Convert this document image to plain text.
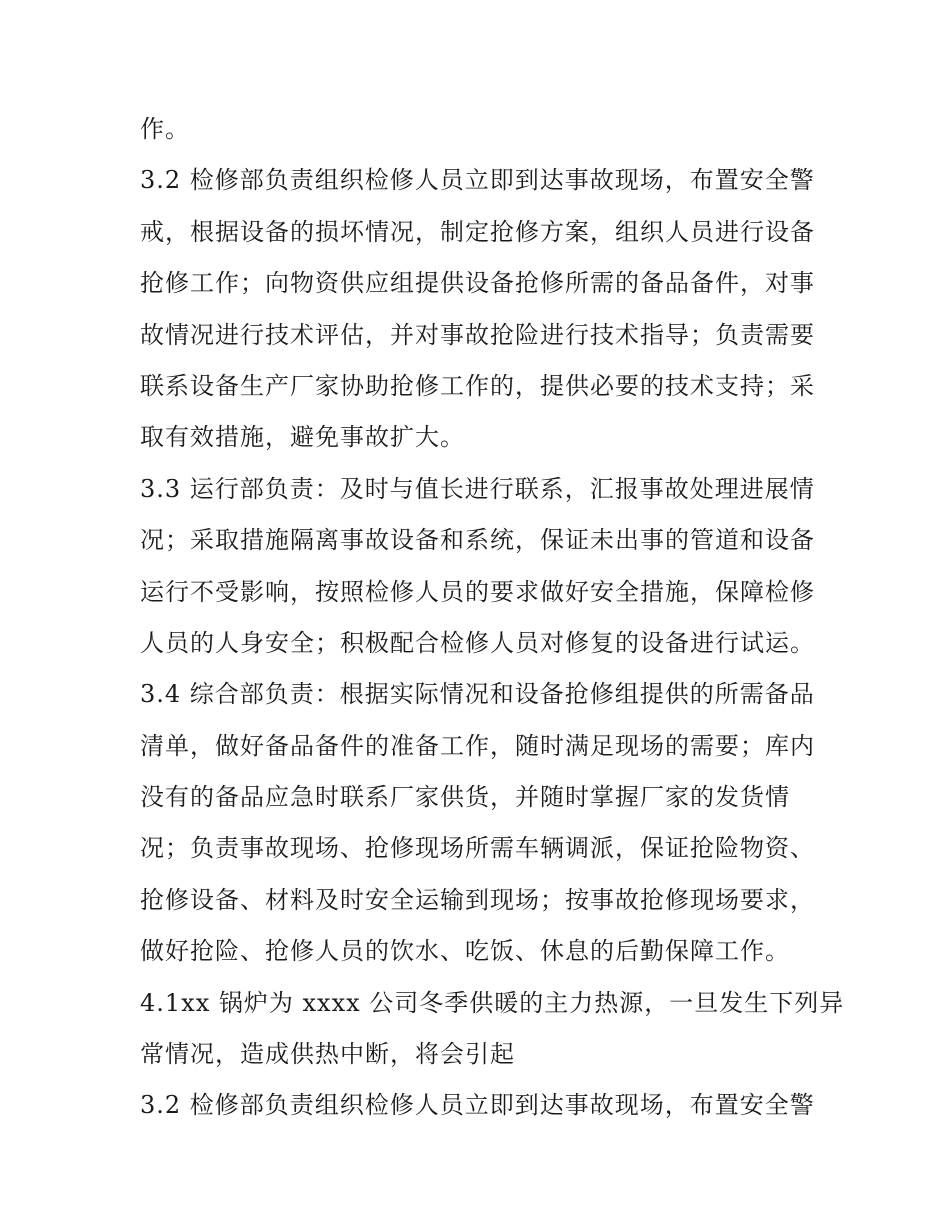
作。
3.2 检修部负责组织检修人员立即到达事故现场，布置安全警
戒，根据设备的损坏情况，制定抢修方案，组织人员进行设备
抢修工作；向物资供应组提供设备抢修所需的备品备件，对事
故情况进行技术评估，并对事故抢险进行技术指导；负责需要
联系设备生产厂家协助抢修工作的，提供必要的技术支持；采
取有效措施，避免事故扩大。
3.3 运行部负责：及时与值长进行联系，汇报事故处理进展情
况；采取措施隔离事故设备和系统，保证未出事的管道和设备
运行不受影响，按照检修人员的要求做好安全措施，保障检修
人员的人身安全；积极配合检修人员对修复的设备进行试运。
3.4 综合部负责：根据实际情况和设备抢修组提供的所需备品
清单，做好备品备件的准备工作，随时满足现场的需要；库内
没有的备品应急时联系厂家供货，并随时掌握厂家的发货情
况；负责事故现场、抢修现场所需车辆调派，保证抢险物资、
抢修设备、材料及时安全运输到现场；按事故抢修现场要求，
做好抢险、抢修人员的饮水、吃饭、休息的后勤保障工作。
4.1xx 锅炉为 xxxx 公司冬季供暖的主力热源，一旦发生下列异
常情况，造成供热中断，将会引起
3.2 检修部负责组织检修人员立即到达事故现场，布置安全警
